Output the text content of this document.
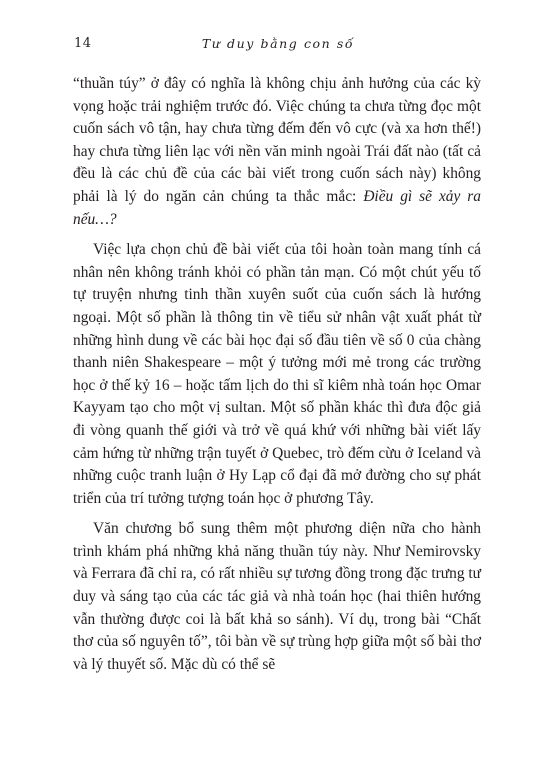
14	Tư duy bằng con số

“thuần túy” ở đây có nghĩa là không chịu ảnh hưởng của các kỳ vọng hoặc trải nghiệm trước đó. Việc chúng ta chưa từng đọc một cuốn sách vô tận, hay chưa từng đếm đến vô cực (và xa hơn thế!) hay chưa từng liên lạc với nền văn minh ngoài Trái đất nào (tất cả đều là các chủ đề của các bài viết trong cuốn sách này) không phải là lý do ngăn cản chúng ta thắc mắc: Điều gì sẽ xảy ra nếu…?

Việc lựa chọn chủ đề bài viết của tôi hoàn toàn mang tính cá nhân nên không tránh khỏi có phần tản mạn. Có một chút yếu tố tự truyện nhưng tinh thần xuyên suốt của cuốn sách là hướng ngoại. Một số phần là thông tin về tiểu sử nhân vật xuất phát từ những hình dung về các bài học đại số đầu tiên về số 0 của chàng thanh niên Shakespeare – một ý tưởng mới mẻ trong các trường học ở thế kỷ 16 – hoặc tấm lịch do thi sĩ kiêm nhà toán học Omar Kayyam tạo cho một vị sultan. Một số phần khác thì đưa độc giả đi vòng quanh thế giới và trở về quá khứ với những bài viết lấy cảm hứng từ những trận tuyết ở Quebec, trò đếm cừu ở Iceland và những cuộc tranh luận ở Hy Lạp cổ đại đã mở đường cho sự phát triển của trí tưởng tượng toán học ở phương Tây.

Văn chương bổ sung thêm một phương diện nữa cho hành trình khám phá những khả năng thuần túy này. Như Nemirovsky và Ferrara đã chỉ ra, có rất nhiều sự tương đồng trong đặc trưng tư duy và sáng tạo của các tác giả và nhà toán học (hai thiên hướng vẫn thường được coi là bất khả so sánh). Ví dụ, trong bài “Chất thơ của số nguyên tố”, tôi bàn về sự trùng hợp giữa một số bài thơ và lý thuyết số. Mặc dù có thể sẽ
